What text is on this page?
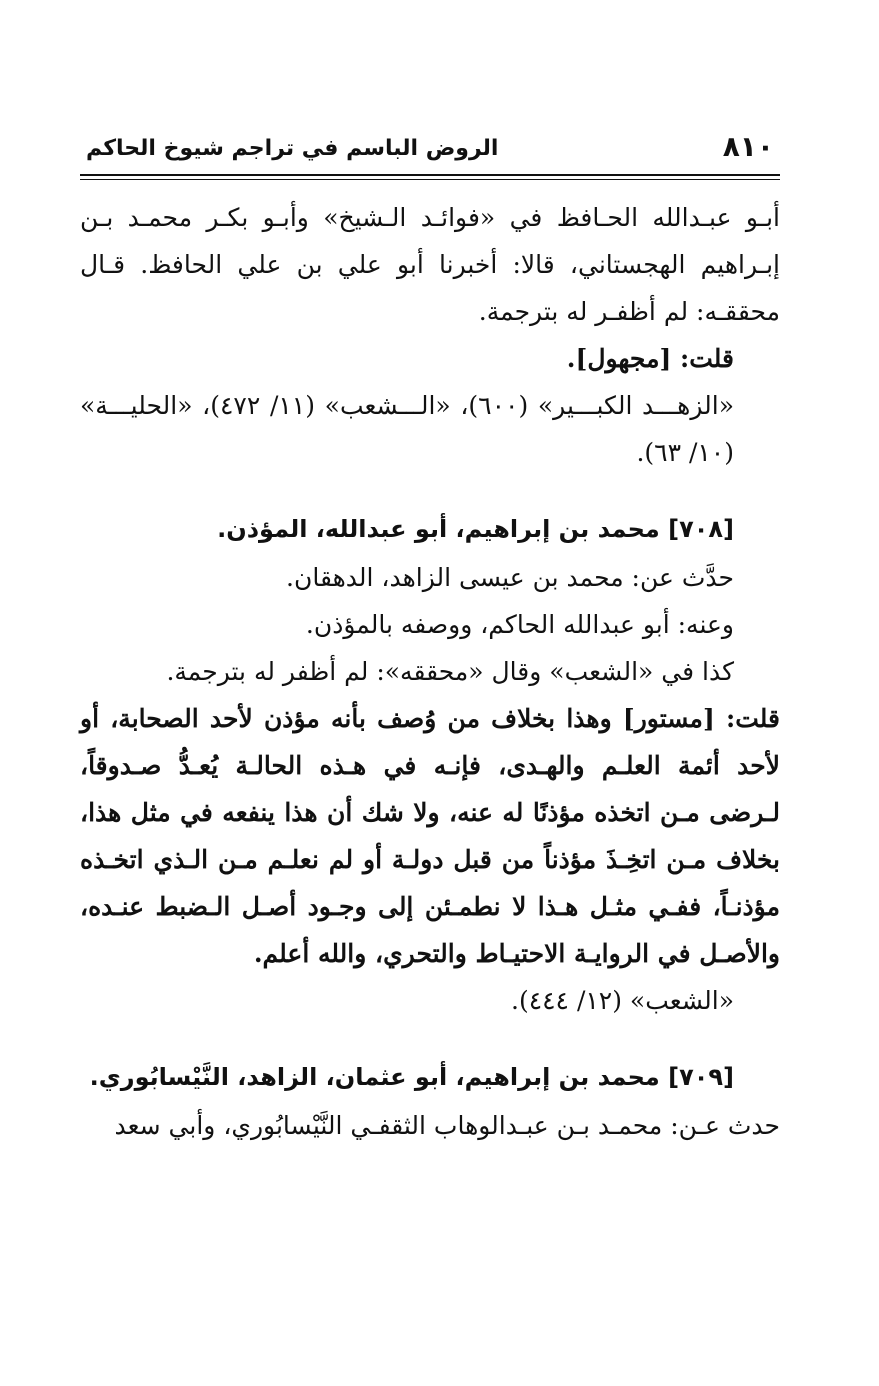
٨١٠
الروض الباسم في تراجم شيوخ الحاكم

أبـو عبـدالله الحـافظ في «فوائـد الـشيخ» وأبـو بكـر محمـد بـن إبـراهيم الهجستاني، قالا: أخبرنا أبو علي بن علي الحافظ. قـال محققـه: لم أظفـر له بترجمة.

قلت: [مجهول].

«الزهـــد الكبـــير» (٦٠٠)، «الـــشعب» (١١/ ٤٧٢)، «الحليـــة» (١٠/ ٦٣).

[٧٠٨] محمد بن إبراهيم، أبو عبدالله، المؤذن.

حدَّث عن: محمد بن عيسى الزاهد، الدهقان.

وعنه: أبو عبدالله الحاكم، ووصفه بالمؤذن.

كذا في «الشعب» وقال «محققه»: لم أظفر له بترجمة.

قلت: [مستور] وهذا بخلاف من وُصف بأنه مؤذن لأحد الصحابة، أو لأحد أئمة العلـم والهـدى، فإنـه في هـذه الحالـة يُعـدُّ صـدوقاً، لـرضى مـن اتخذه مؤذنًا له عنه، ولا شك أن هذا ينفعه في مثل هذا، بخلاف مـن اتخِـذَ مؤذناً من قبل دولـة أو لم نعلـم مـن الـذي اتخـذه مؤذنـاً، ففـي مثـل هـذا لا نطمـئن إلى وجـود أصـل الـضبط عنـده، والأصـل في الروايـة الاحتيـاط والتحري، والله أعلم.

«الشعب» (١٢/ ٤٤٤).

[٧٠٩] محمد بن إبراهيم، أبو عثمان، الزاهد، النَّيْسابُوري.

حدث عـن: محمـد بـن عبـدالوهاب الثقفـي النَّيْسابُوري، وأبي سعد
